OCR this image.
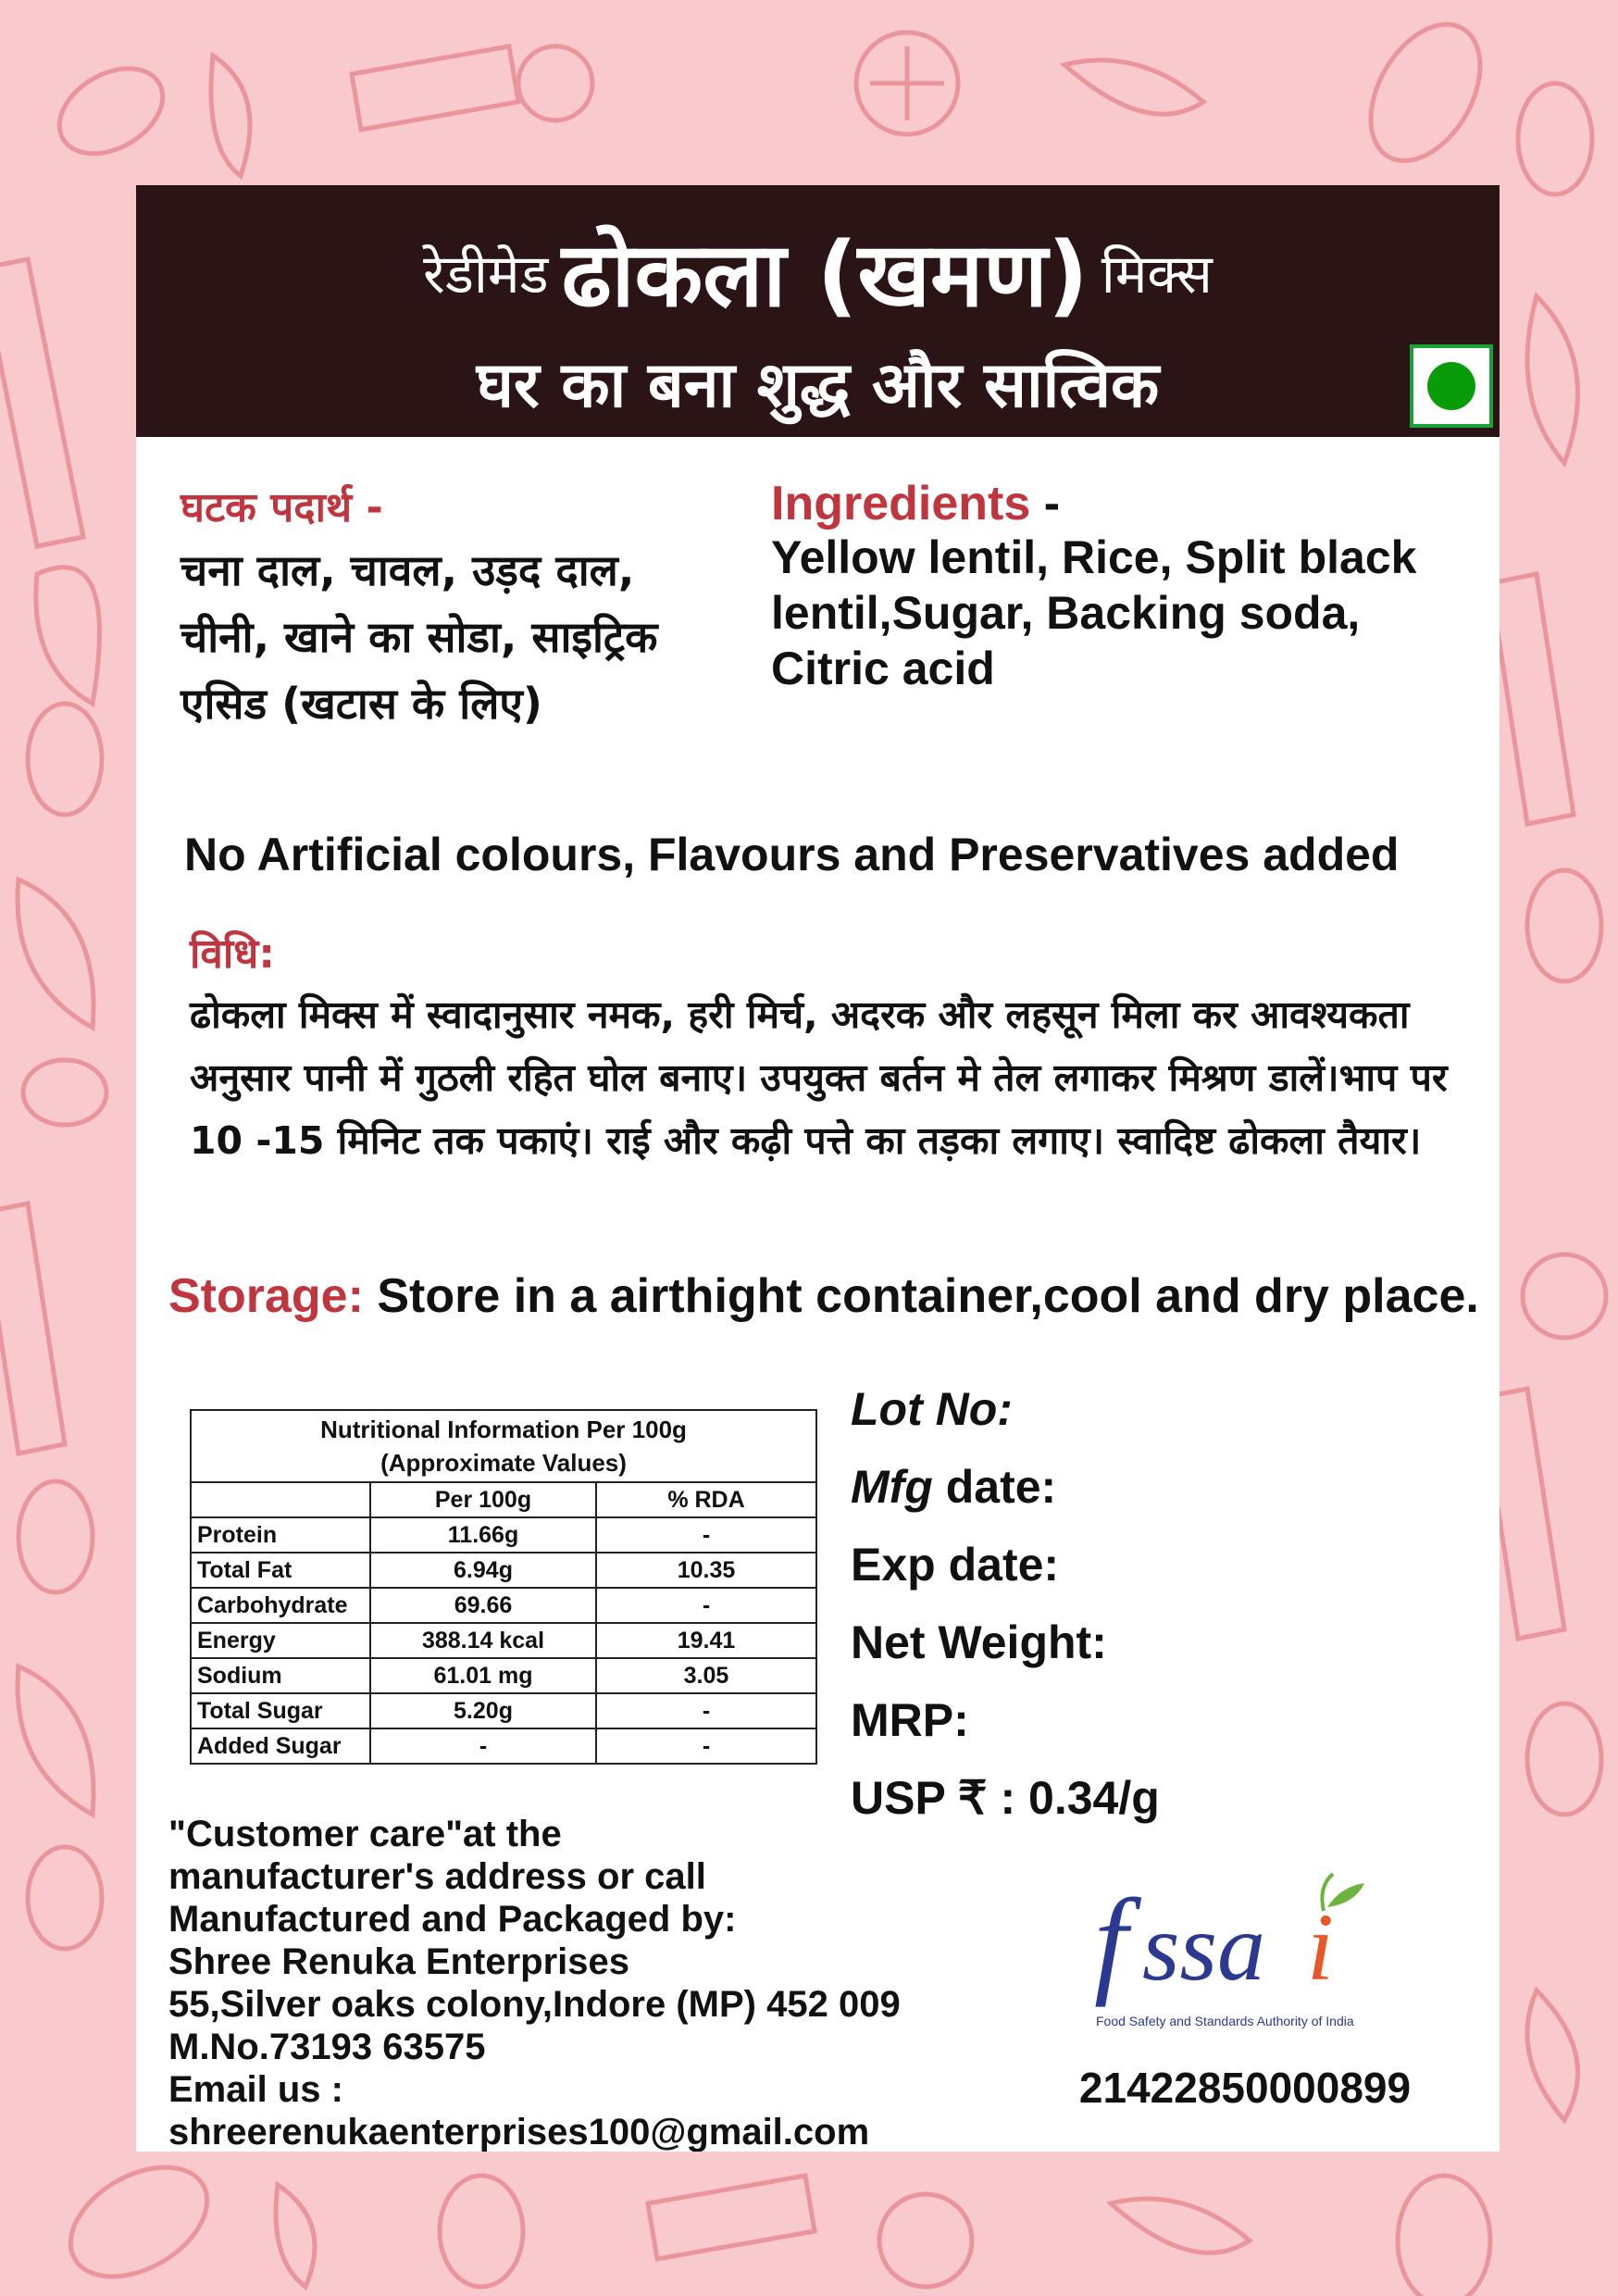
रेडीमेड ढोकला (खमण) मिक्स
घर का बना शुद्ध और सात्विक
घटक पदार्थ -
चना दाल, चावल, उड़द दाल, चीनी, खाने का सोडा, साइट्रिक एसिड (खटास के लिए)
Ingredients -
Yellow lentil, Rice, Split black lentil,Sugar, Backing soda, Citric acid
No Artificial colours, Flavours and Preservatives added
विधि:
ढोकला मिक्स में स्वादानुसार नमक, हरी मिर्च, अदरक और लहसून मिला कर आवश्यकता अनुसार पानी में गुठली रहित घोल बनाए। उपयुक्त बर्तन मे तेल लगाकर मिश्रण डालें।भाप पर 10 -15 मिनिट तक पकाएं। राई और कढ़ी पत्ते का तड़का लगाए। स्वादिष्ट ढोकला तैयार।
Storage: Store in a airthight container,cool and dry place.
Nutritional Information Per 100g
(Approximate Values)		

	Per 100g	% RDA
Protein	11.66g	-
Total Fat	6.94g	10.35
Carbohydrate	69.66	-
Energy	388.14 kcal	19.41
Sodium	61.01 mg	3.05
Total Sugar	5.20g	-
Added Sugar	-	-
Lot No:
Mfg date:
Exp date:
Net Weight:
MRP:
USP ₹ : 0.34/g
"Customer care"at the
manufacturer's address or call
Manufactured and Packaged by:
Shree Renuka Enterprises
55,Silver oaks colony,Indore (MP) 452 009
M.No.73193 63575
Email us :
shreerenukaenterprises100@gmail.com
f ssa i
Food Safety and Standards Authority of India
21422850000899
